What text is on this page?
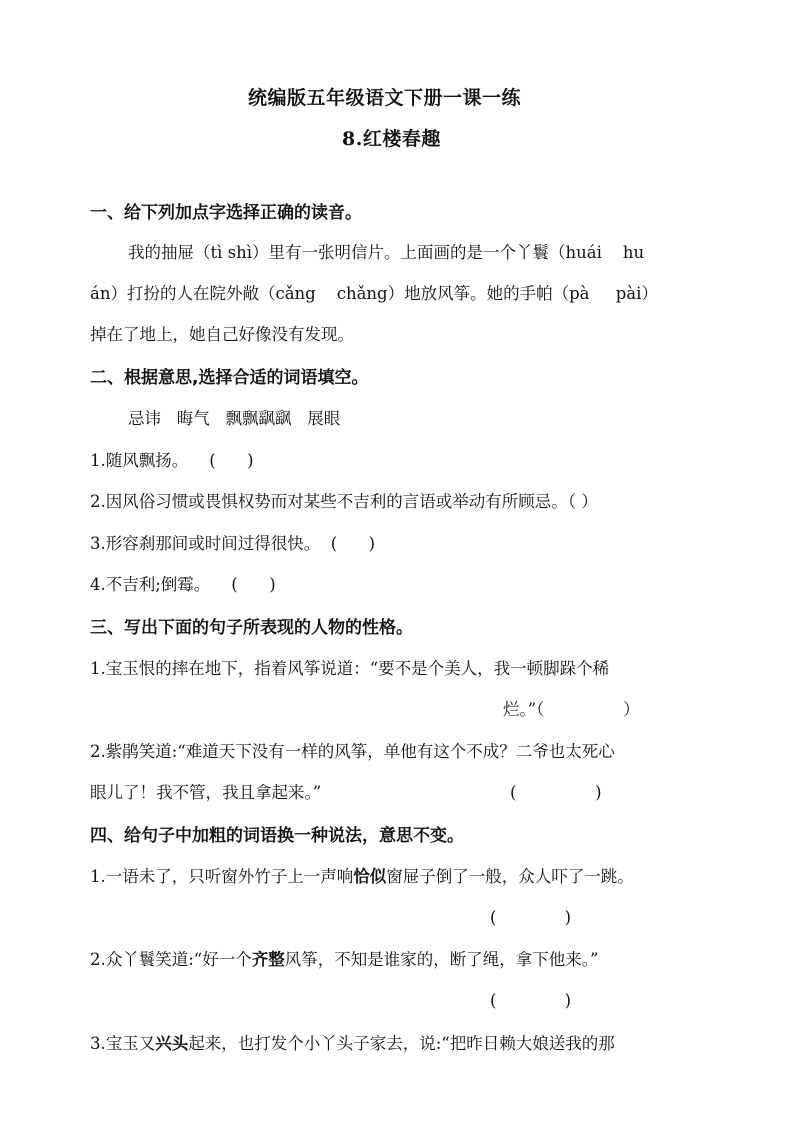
统编版五年级语文下册一课一练
8.红楼春趣
一、给下列加点字选择正确的读音。
我的抽屉（tì shì）里有一张明信片。上面画的是一个丫鬟（huái    hu
án）打扮的人在院外敞（cǎng    chǎng）地放风筝。她的手帕（pà     pài）
掉在了地上，她自己好像没有发现。
二、根据意思,选择合适的词语填空。
忌讳   晦气   飘飘飖飖   展眼
1.随风飘扬。    (      )
2.因风俗习惯或畏惧权势而对某些不吉利的言语或举动有所顾忌。（ ）
3.形容刹那间或时间过得很快。  (      )
4.不吉利;倒霉。    (      )
三、写出下面的句子所表现的人物的性格。
1.宝玉恨的摔在地下，指着风筝说道：“要不是个美人，我一顿脚跺个稀
烂。”（               ）
2.紫鹃笑道:“难道天下没有一样的风筝，单他有这个不成？二爷也太死心
眼儿了！我不管，我且拿起来。”	(               )
四、给句子中加粗的词语换一种说法，意思不变。
1.一语未了，只听窗外竹子上一声响恰似窗屉子倒了一般，众人吓了一跳。
(             )
2.众丫鬟笑道:“好一个齐整风筝，不知是谁家的，断了绳，拿下他来。”
(             )
3.宝玉又兴头起来，也打发个小丫头子家去，说:“把昨日赖大娘送我的那
